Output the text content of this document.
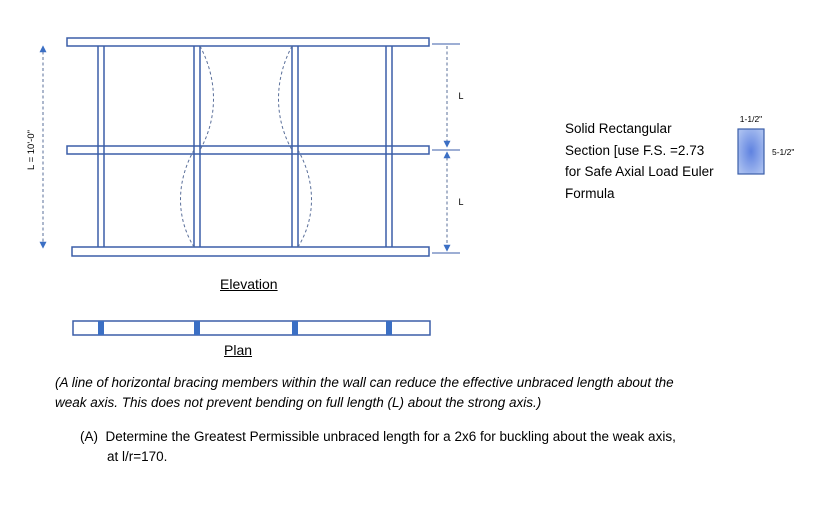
L = 10'-0"
L
L
1-1/2"
5-1/2"
Elevation
Plan
Solid Rectangular
Section [use F.S. =2.73
for Safe Axial Load Euler
Formula
(A line of horizontal bracing members within the wall can reduce the effective unbraced length about the
weak axis. This does not prevent bending on full length (L) about the strong axis.)
(A) Determine the Greatest Permissible unbraced length for a 2x6 for buckling about the weak axis,
at l/r=170.
